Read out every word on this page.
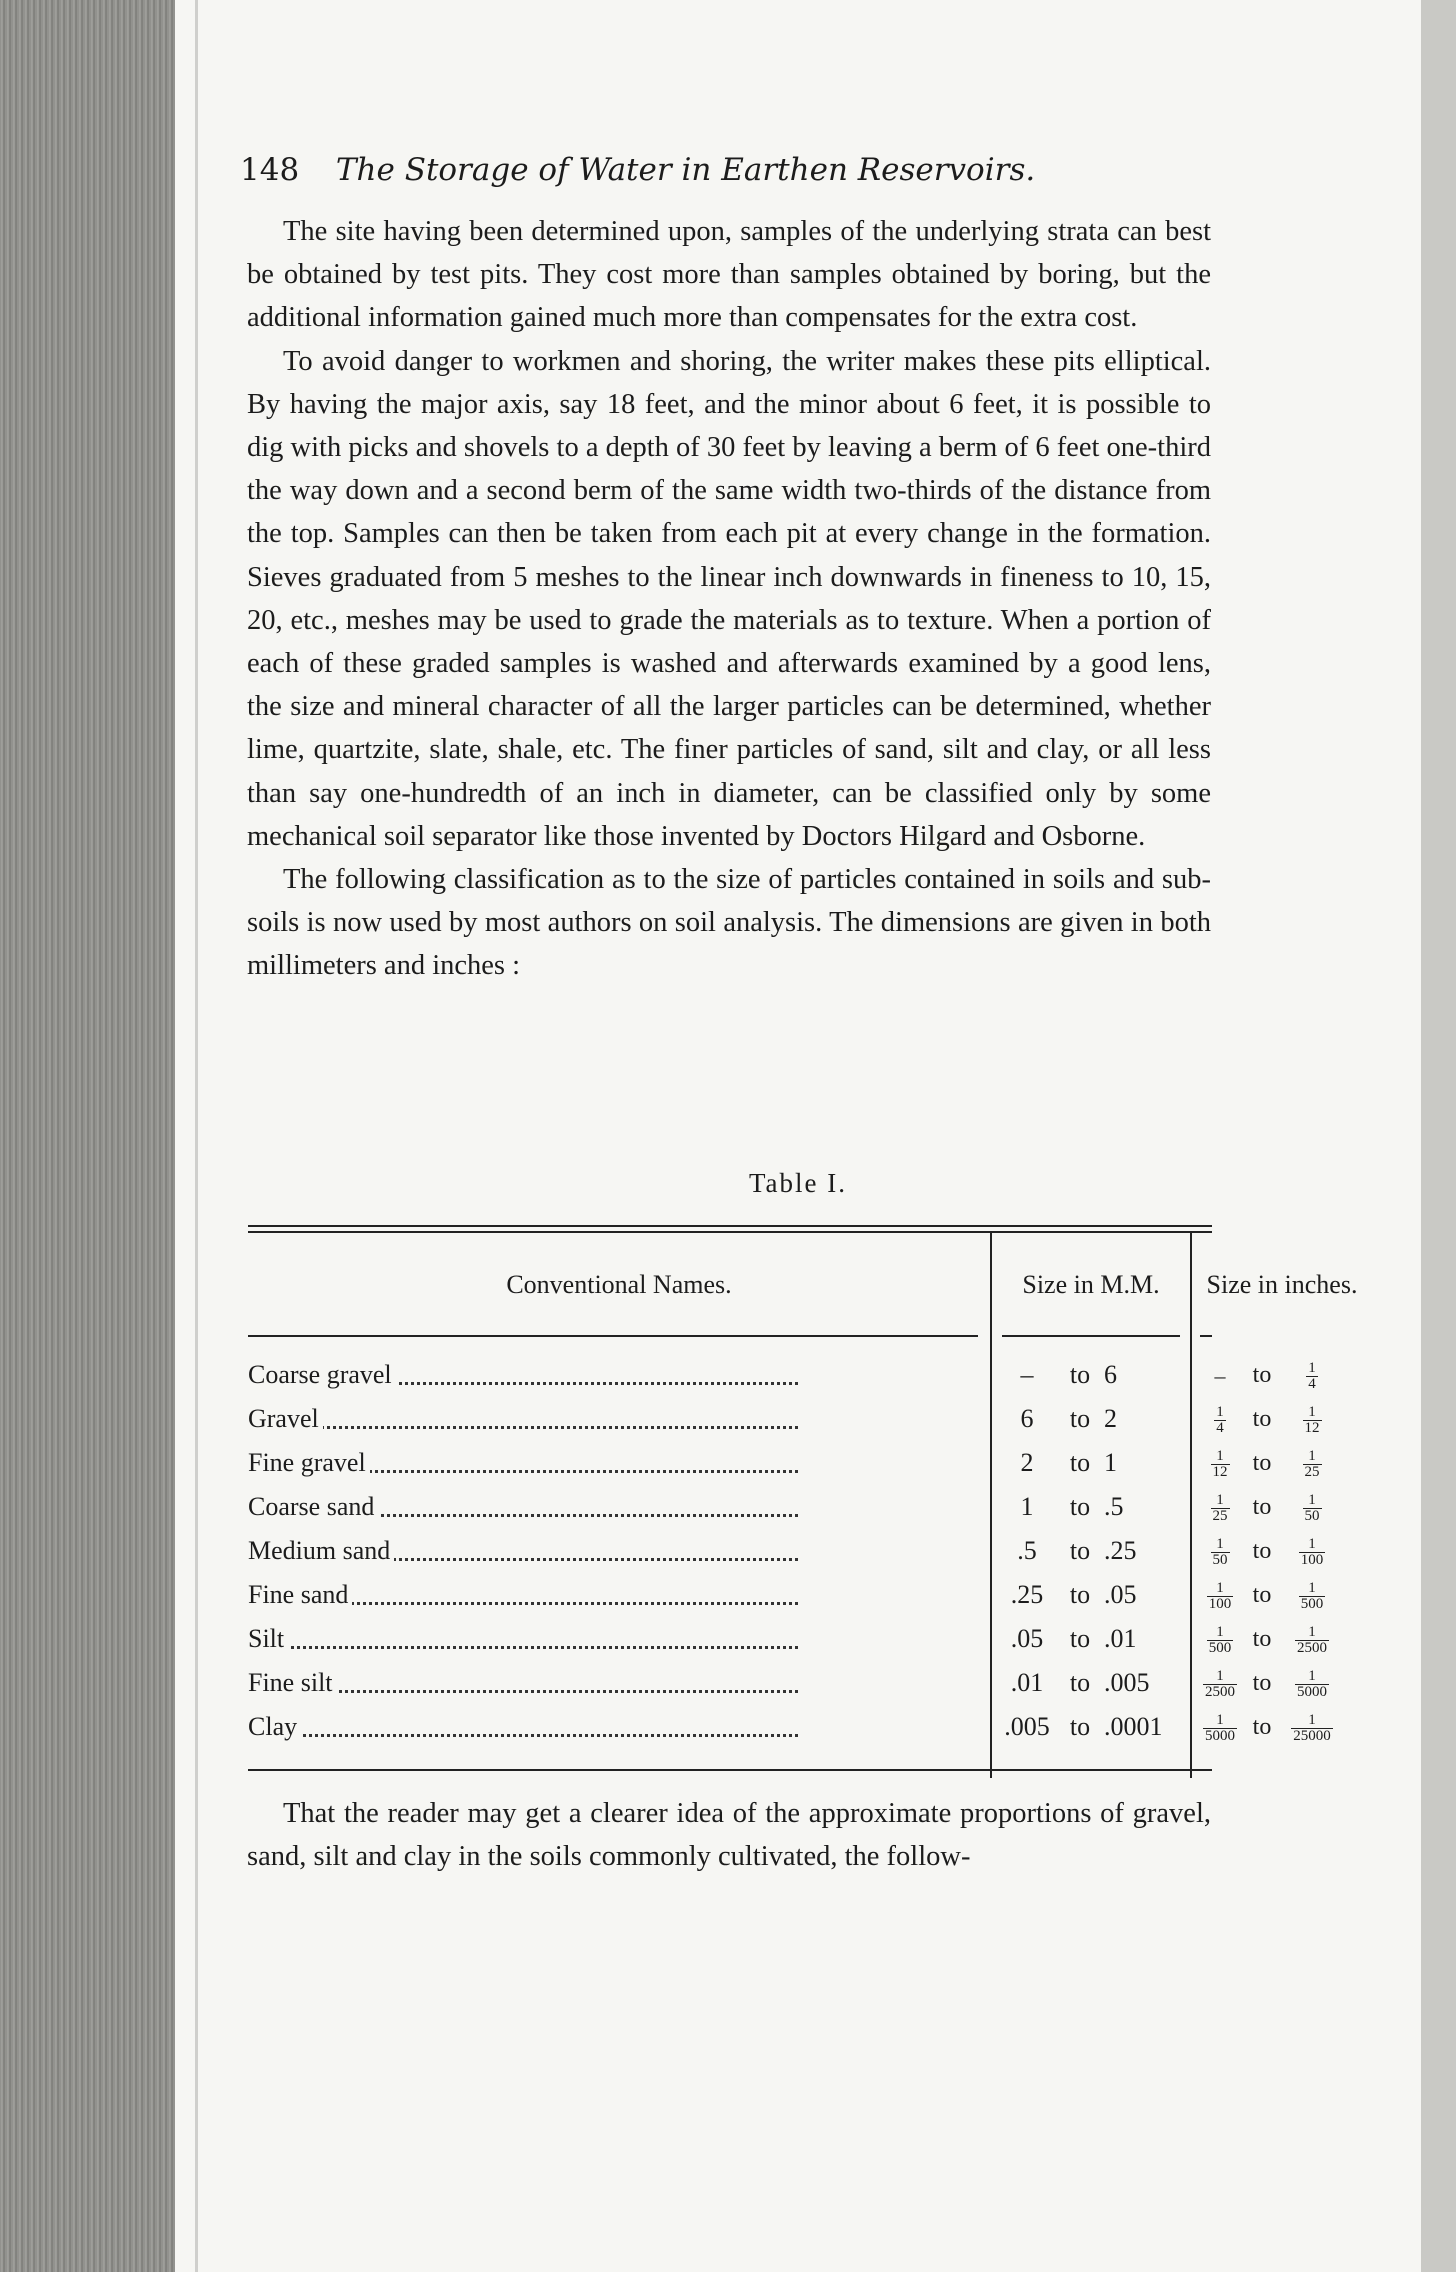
148 The Storage of Water in Earthen Reservoirs.

The site having been determined upon, samples of the underlying strata can best be obtained by test pits. They cost more than samples obtained by boring, but the additional information gained much more than compensates for the extra cost.

To avoid danger to workmen and shoring, the writer makes these pits elliptical. By having the major axis, say 18 feet, and the minor about 6 feet, it is possible to dig with picks and shovels to a depth of 30 feet by leaving a berm of 6 feet one-third the way down and a second berm of the same width two-thirds of the distance from the top. Samples can then be taken from each pit at every change in the formation. Sieves graduated from 5 meshes to the linear inch downwards in fineness to 10, 15, 20, etc., meshes may be used to grade the materials as to texture. When a portion of each of these graded samples is washed and afterwards examined by a good lens, the size and mineral character of all the larger particles can be determined, whether lime, quartzite, slate, shale, etc. The finer particles of sand, silt and clay, or all less than say one-hundredth of an inch in diameter, can be classified only by some mechanical soil separator like those invented by Doctors Hilgard and Osborne.

The following classification as to the size of particles contained in soils and sub-soils is now used by most authors on soil analysis. The dimensions are given in both millimeters and inches :

Table I.
Conventional Names.	Size in M.M.	Size in inches.
Coarse gravel	–	to 6	–	to	$\frac{1}{4}$
Gravel	6	to 2	$\frac{1}{4}$	to	$\frac{1}{12}$
Fine gravel	2	to 1	$\frac{1}{12}$ to	$\frac{1}{25}$
Coarse sand	1	to .5	$\frac{1}{25}$ to	$\frac{1}{50}$
Medium sand	.5	to .25	$\frac{1}{50}$ to	$\frac{1}{100}$
Fine sand	.25	to .05	$\frac{1}{100}$ to	$\frac{1}{500}$
Silt	.05	to .01	$\frac{1}{500}$ to	$\frac{1}{2500}$
Fine silt	.01	to .005	$\frac{1}{2500}$ to	$\frac{1}{5000}$
Clay	.005 to .0001	$\frac{1}{5000}$ to	$\frac{1}{25000}$

That the reader may get a clearer idea of the approximate proportions of gravel, sand, silt and clay in the soils commonly cultivated, the follow-
